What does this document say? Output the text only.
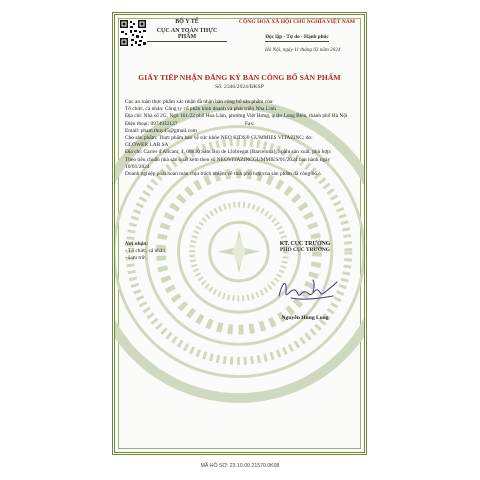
BỘ Y TẾ
CỤC AN TOÀN THỰC PHẨM
CỘNG HOÀ XÃ HỘI CHỦ NGHĨA VIỆT NAM
Độc lập - Tự do - Hạnh phúc
Hà Nội, ngày 11 tháng 03 năm 2024
GIẤY TIẾP NHẬN ĐĂNG KÝ BẢN CÔNG BỐ SẢN PHẨM
Số: 2346/2024/ĐKSP
Cục an toàn thực phẩm xác nhận đã nhận bản công bố sản phẩm của:
Tổ chức, cá nhân: Công ty cổ phần kinh doanh và phát triển Nha Linh
Địa chỉ: Nhà số 2G, Ngõ 161/22 phố Hoa Lâm, phường Việt Hưng, quận Long Biên, thành phố Hà Nội
Điện thoại: 0974932127	Fax:
Email: pham.thuy45@gmail.com
Cho sản phẩm: Thực phẩm bảo vệ sức khỏe NEO KIDS® GUMMIES VITAZINC; do:
GLOWER LAB SA
Địa chỉ: Carrer d'Alicant, 4. 08830 Sant Boi de Llobregat (Barcelona), Spain sản xuất, phù hợp:
Theo tiêu chuẩn nhà sản xuất kèm theo số NEOVITAZINCGUMMIES/01/2024 ban hành ngày 10/01/2024
Doanh nghiệp phải hoàn toàn chịu trách nhiệm về tính phù hợp của sản phẩm đã công bố./.
Nơi nhận:
- Tổ chức, cá nhân;
- Lưu trữ.
KT. CỤC TRƯỞNG
PHÓ CỤC TRƯỞNG
Nguyễn Hùng Long
MÃ HỒ SƠ: 23.10.00.21570.0K08
